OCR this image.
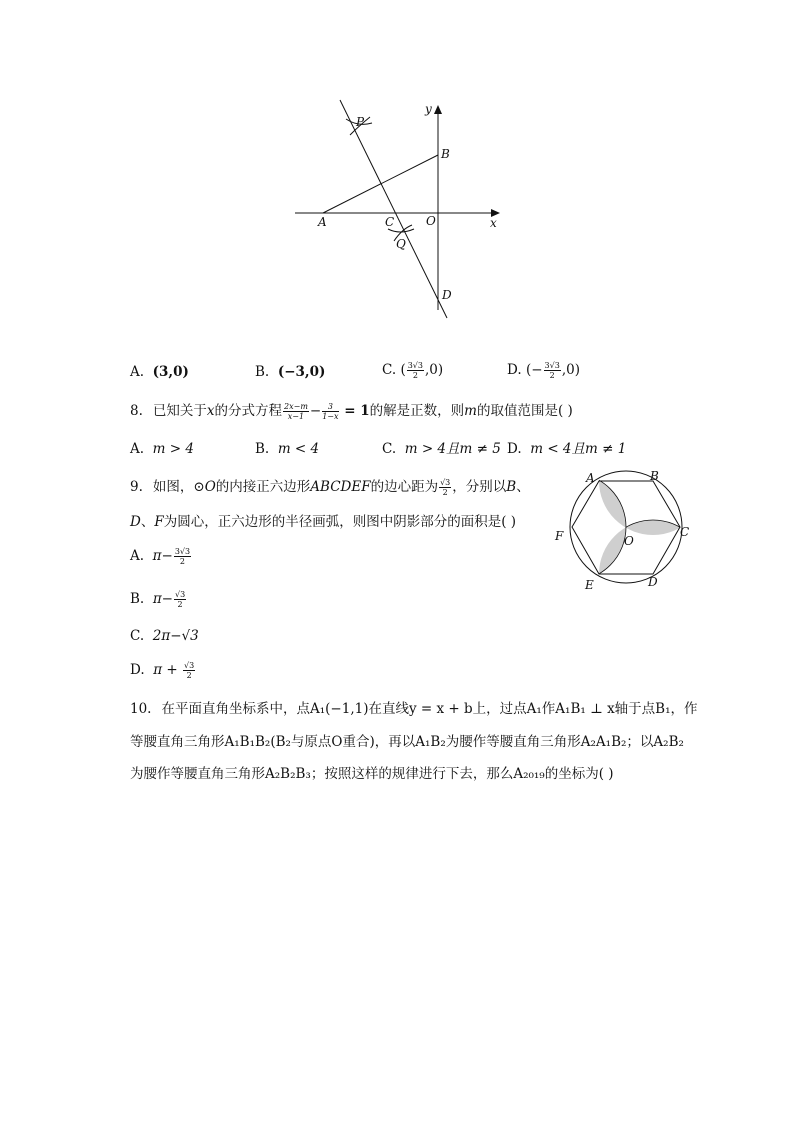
y
P
B
A	C	O	x
Q
D
A. (3,0)	B. (−3,0)	C. ( $\frac{3√3}{2} ,0$)	D. (− $\frac{3√3}{2} ,0$)
8. 已知关于x的分式方程 $\frac{2x-m}{x-1} - \frac{3}{1-x} = 1$的解是正数，则m的取值范围是( )
A. m > 4	B. m < 4	C. m > 4且m ≠ 5 D. m < 4且m ≠ 1
9. 如图，⊙O的内接正六边形ABCDEF的边心距为 $\frac{√3}{2}$ ，分别以B、
D、F为圆心，正六边形的半径画弧，则图中阴影部分的面积是( )
A. $\pi- \frac{3√3}{2}$
B. $\pi- \frac{√3}{2}$
C. 2π−√3
D. $\pi + \frac{√3}{2}$
A	B
C
D
E
F	O
10. 在平面直角坐标系中，点A₁(−1,1)在直线y = x + b上，过点A₁作A₁B₁ ⊥ x轴于点B₁，作
等腰直角三角形A₁B₁B₂(B₂与原点O重合)，再以A₁B₂为腰作等腰直角三角形A₂A₁B₂；以A₂B₂
为腰作等腰直角三角形A₂B₂B₃；按照这样的规律进行下去，那么A₂₀₁₉的坐标为( )
